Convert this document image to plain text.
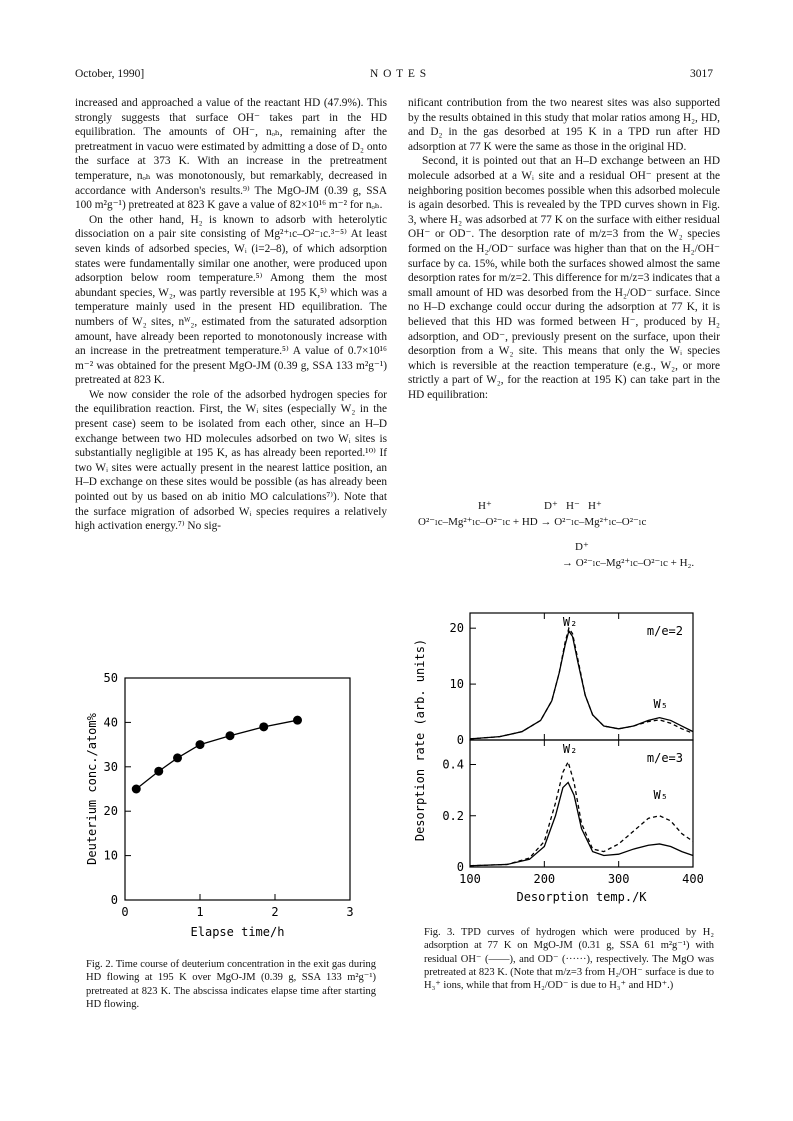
October, 1990]	N O T E S	3017

increased and approached a value of the reactant HD (47.9%). This strongly suggests that surface OH⁻ takes part in the HD equilibration. The amounts of OH⁻, nₒₕ, remaining after the pretreatment in vacuo were estimated by admitting a dose of D₂ onto the surface at 373 K. With an increase in the pretreatment temperature, nₒₕ was monotonously, but remarkably, decreased in accordance with Anderson's results.⁹⁾ The MgO-JM (0.39 g, SSA 100 m²g⁻¹) pretreated at 823 K gave a value of 82×10¹⁶ m⁻² for nₒₕ.

On the other hand, H₂ is known to adsorb with heterolytic dissociation on a pair site consisting of Mg²⁺ₗc–O²⁻ₗc.³⁻⁵⁾ At least seven kinds of adsorbed species, Wᵢ (i=2–8), of which adsorption states were fundamentally similar one another, were produced upon adsorption below room temperature.⁵⁾ Among them the most abundant species, W₂, was partly reversible at 195 K,⁵⁾ which was a temperature mainly used in the present HD equilibration. The numbers of W₂ sites, nᵂ₂, estimated from the saturated adsorption amount, have already been reported to monotonously increase with an increase in the pretreatment temperature.⁵⁾ A value of 0.7×10¹⁶ m⁻² was obtained for the present MgO-JM (0.39 g, SSA 133 m²g⁻¹) pretreated at 823 K.

We now consider the role of the adsorbed hydrogen species for the equilibration reaction. First, the Wᵢ sites (especially W₂ in the present case) seem to be isolated from each other, since an H–D exchange between two HD molecules adsorbed on two Wᵢ sites is substantially negligible at 195 K, as has already been reported.¹⁰⁾ If two Wᵢ sites were actually present in the nearest lattice position, an H–D exchange on these sites would be possible (as has already been pointed out by us based on ab initio MO calculations⁷⁾). Note that the surface migration of adsorbed Wᵢ species requires a relatively high activation energy.⁷⁾ No sig-

nificant contribution from the two nearest sites was also supported by the results obtained in this study that molar ratios among H₂, HD, and D₂ in the gas desorbed at 195 K in a TPD run after HD adsorption at 77 K were the same as those in the original HD.

Second, it is pointed out that an H–D exchange between an HD molecule adsorbed at a Wᵢ site and a residual OH⁻ present at the neighboring position becomes possible when this adsorbed molecule is again desorbed. This is revealed by the TPD curves shown in Fig. 3, where H₂ was adsorbed at 77 K on the surface with either residual OH⁻ or OD⁻. The desorption rate of m/z=3 from the W₂ species formed on the H₂/OD⁻ surface was higher than that on the H₂/OH⁻ surface by ca. 15%, while both the surfaces showed almost the same desorption rates for m/z=2. This difference for m/z=3 indicates that a small amount of HD was desorbed from the H₂/OD⁻ surface. Since no H–D exchange could occur during the adsorption at 77 K, it is believed that this HD was formed between H⁻, produced by H₂ adsorption, and OD⁻, previously present on the surface, upon their desorption from a W₂ site. This means that only the Wᵢ species which is reversible at the reaction temperature (e.g., W₂, or more strictly a part of W₂, for the reaction at 195 K) can take part in the HD equilibration:

H⁺                   D⁺   H⁻   H⁺
O²⁻ₗc–Mg²⁺ₗc–O²⁻ₗc + HD → O²⁻ₗc–Mg²⁺ₗc–O²⁻ₗc
D⁺
→ O²⁻ₗc–Mg²⁺ₗc–O²⁻ₗc + H₂.
0	1	2	3
0
10
20
30
40
50
Elapse time/h
Deuterium conc./atom%
Fig. 2. Time course of deuterium concentration in the exit gas during HD flowing at 195 K over MgO-JM (0.39 g, SSA 133 m²g⁻¹) pretreated at 823 K. The abscissa indicates elapse time after starting HD flowing.
0
10
20	m/e=2
W₂
W₅
0
0.2
0.4	m/e=3
W₂
W₅
100	200	300	400
Desorption temp./K
Desorption rate (arb. units)
Fig. 3. TPD curves of hydrogen which were produced by H₂ adsorption at 77 K on MgO-JM (0.31 g, SSA 61 m²g⁻¹) with residual OH⁻ (——), and OD⁻ (······), respectively. The MgO was pretreated at 823 K. (Note that m/z=3 from H₂/OH⁻ surface is due to H₃⁺ ions, while that from H₂/OD⁻ is due to H₃⁺ and HD⁺.)
